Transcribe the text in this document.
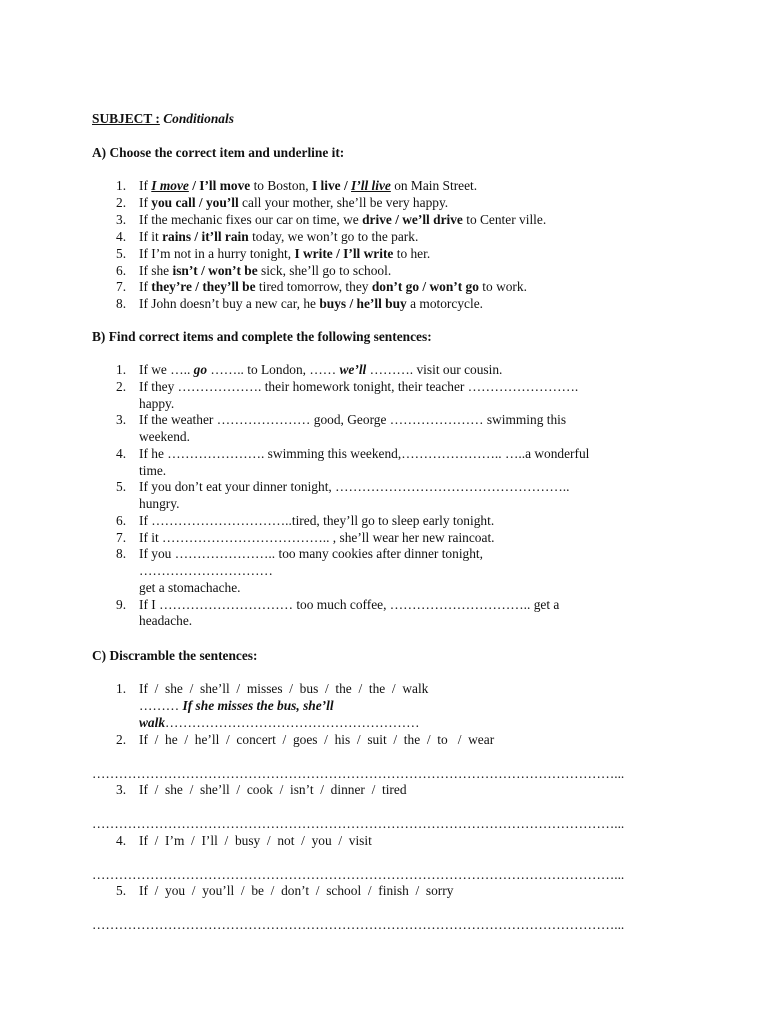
SUBJECT : Conditionals
A) Choose the correct item and underline it:
1. If I move / I’ll move to Boston, I live / I’ll live on Main Street.
2. If you call / you’ll call your mother, she’ll be very happy.
3. If the mechanic fixes our car on time, we drive / we’ll drive to Center ville.
4. If it rains / it’ll rain today, we won’t go to the park.
5. If I’m not in a hurry tonight, I write / I’ll write to her.
6. If she isn’t / won’t be sick, she’ll go to school.
7. If they’re / they’ll be tired tomorrow, they don’t go / won’t go to work.
8. If John doesn’t buy a new car, he buys / he’ll buy a motorcycle.
B) Find correct items and complete the following sentences:
1. If we ….. go …….. to London, …… we’ll ………. visit our cousin.
2. If they ………………. their homework tonight, their teacher …………………….
happy.
3. If the weather ………………… good, George ………………… swimming this
weekend.
4. If he …………………. swimming this weekend,………………….. …..a wonderful
time.
5. If you don’t eat your dinner tonight, ……………………………………………..
hungry.
6. If …………………………..tired, they’ll go to sleep early tonight.
7. If it ……………………………….. , she’ll wear her new raincoat.
8. If you ………………….. too many cookies after dinner tonight,
…………………………
get a stomachache.
9. If I ………………………… too much coffee, ………………………….. get a
headache.
C) Discramble the sentences:
1. If  /  she  /  she’ll  /  misses  /  bus  /  the  /  the  /  walk
2. If  /  he  /  he’ll  /  concert  /  goes  /  his  /  suit  /  the  /  to   /  wear
………………………………………………………………………………………………………...
3. If  /  she  /  she’ll  /  cook  /  isn’t  /  dinner  /  tired
………………………………………………………………………………………………………...
4. If  /  I’m  /  I’ll  /  busy  /  not  /  you  /  visit
………………………………………………………………………………………………………...
5. If  /  you  /  you’ll  /  be  /  don’t  /  school  /  finish  /  sorry
………………………………………………………………………………………………………...
……… If she misses the bus, she’ll
walk…………………………………………………
